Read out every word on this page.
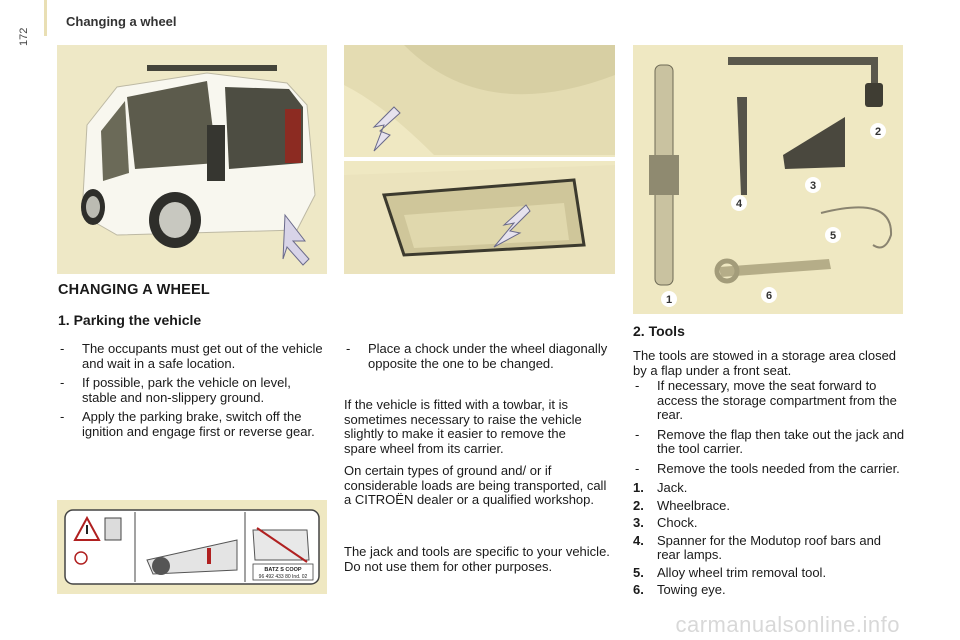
Changing a wheel
172
1
2
3
4
5
6
BATZ S COOP
96 492 433 80 Ind. 02
CHANGING A WHEEL
1. Parking the vehicle
- The occupants must get out of the vehicle and wait in a safe location.
- If possible, park the vehicle on level, stable and non-slippery ground.
- Apply the parking brake, switch off the ignition and engage first or reverse gear.
- Place a chock under the wheel diagonally opposite the one to be changed.
If the vehicle is fitted with a towbar, it is sometimes necessary to raise the vehicle slightly to make it easier to remove the spare wheel from its carrier.
On certain types of ground and/ or if considerable loads are being transported, call a CITROËN dealer or a qualified workshop.
The jack and tools are specific to your vehicle. Do not use them for other purposes.
2. Tools
The tools are stowed in a storage area closed by a flap under a front seat.
- If necessary, move the seat forward to access the storage compartment from the rear.
- Remove the flap then take out the jack and the tool carrier.
- Remove the tools needed from the carrier.
1. Jack.
2. Wheelbrace.
3. Chock.
4. Spanner for the Modutop roof bars and rear lamps.
5. Alloy wheel trim removal tool.
6. Towing eye.
carmanualsonline.info
